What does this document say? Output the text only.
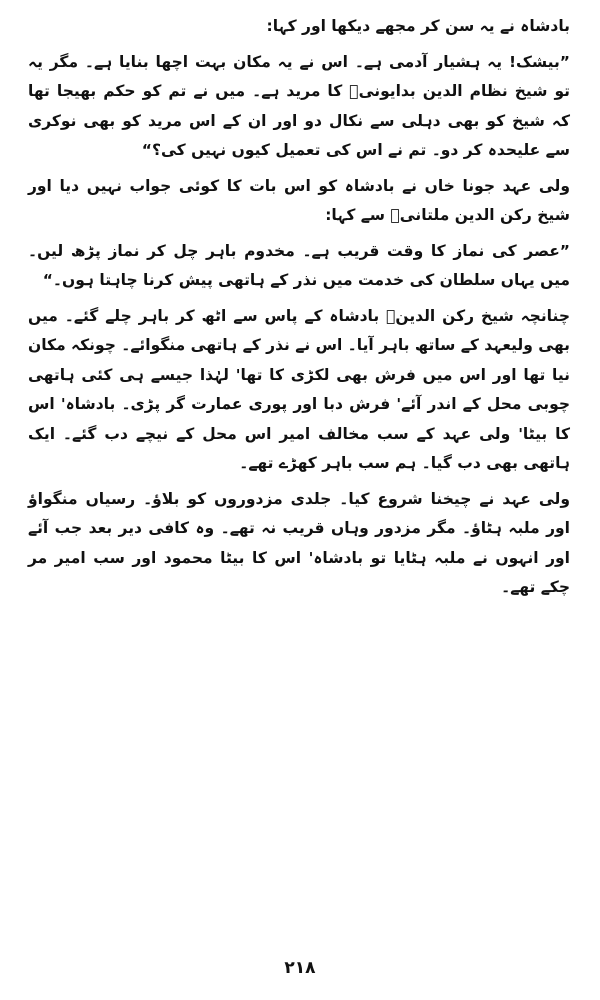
بادشاہ نے یہ سن کر مجھے دیکھا اور کہا:

”بیشک! یہ ہشیار آدمی ہے۔ اس نے یہ مکان بہت اچھا بنایا ہے۔ مگر یہ تو شیخ نظام الدین بدایونیؒ کا مرید ہے۔ میں نے تم کو حکم بھیجا تھا کہ شیخ کو بھی دہلی سے نکال دو اور ان کے اس مرید کو بھی نوکری سے علیحدہ کر دو۔ تم نے اس کی تعمیل کیوں نہیں کی؟“

ولی عہد جونا خاں نے بادشاہ کو اس بات کا کوئی جواب نہیں دیا اور شیخ رکن الدین ملتانیؒ سے کہا:

”عصر کی نماز کا وقت قریب ہے۔ مخدوم باہر چل کر نماز پڑھ لیں۔ میں یہاں سلطان کی خدمت میں نذر کے ہاتھی پیش کرنا چاہتا ہوں۔“

چنانچہ شیخ رکن الدینؒ بادشاہ کے پاس سے اٹھ کر باہر چلے گئے۔ میں بھی ولیعہد کے ساتھ باہر آیا۔ اس نے نذر کے ہاتھی منگوائے۔ چونکہ مکان نیا تھا اور اس میں فرش بھی لکڑی کا تھا' لہٰذا جیسے ہی کئی ہاتھی چوبی محل کے اندر آئے' فرش دبا اور پوری عمارت گر پڑی۔ بادشاہ' اس کا بیٹا' ولی عہد کے سب مخالف امیر اس محل کے نیچے دب گئے۔ ایک ہاتھی بھی دب گیا۔ ہم سب باہر کھڑے تھے۔

ولی عہد نے چیخنا شروع کیا۔ جلدی مزدوروں کو بلاؤ۔ رسیاں منگواؤ اور ملبہ ہٹاؤ۔ مگر مزدور وہاں قریب نہ تھے۔ وہ کافی دیر بعد جب آئے اور انہوں نے ملبہ ہٹایا تو بادشاہ' اس کا بیٹا محمود اور سب امیر مر چکے تھے۔

۲۱۸
